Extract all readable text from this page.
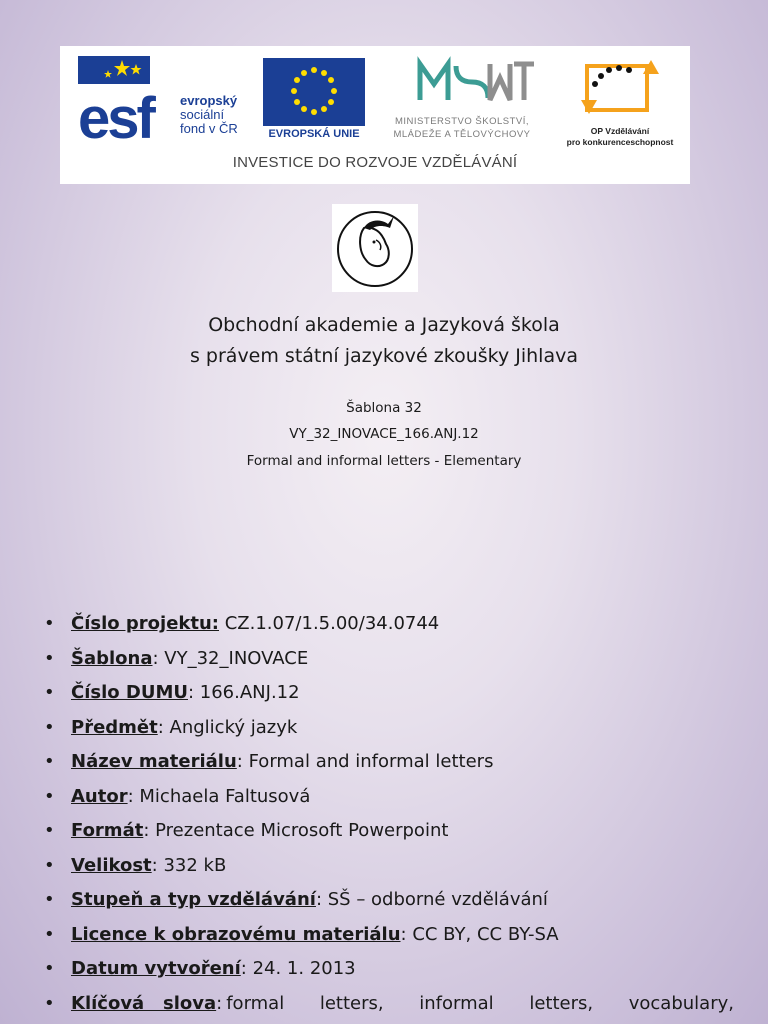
esf evropský
sociální
fond v ČR	EVROPSKÁ UNIE
MINISTERSTVO ŠKOLSTVÍ,
MLÁDEŽE A TĚLOVÝCHOVY	OP Vzdělávání
pro konkurenceschopnost
INVESTICE DO ROZVOJE VZDĚLÁVÁNÍ
Obchodní akademie a Jazyková škola
s právem státní jazykové zkoušky Jihlava
Šablona 32
VY_32_INOVACE_166.ANJ.12
Formal and informal letters - Elementary
• Číslo projektu: CZ.1.07/1.5.00/34.0744
• Šablona: VY_32_INOVACE
• Číslo DUMU: 166.ANJ.12
• Předmět: Anglický jazyk
• Název materiálu: Formal and informal letters
• Autor: Michaela Faltusová
• Formát: Prezentace Microsoft Powerpoint
• Velikost: 332 kB
• Stupeň a typ vzdělávání: SŠ – odborné vzdělávání
• Licence k obrazovému materiálu: CC BY, CC BY-SA
• Datum vytvoření: 24. 1. 2013
• Klíčová   slova : formal letters, informal letters, vocabulary,
